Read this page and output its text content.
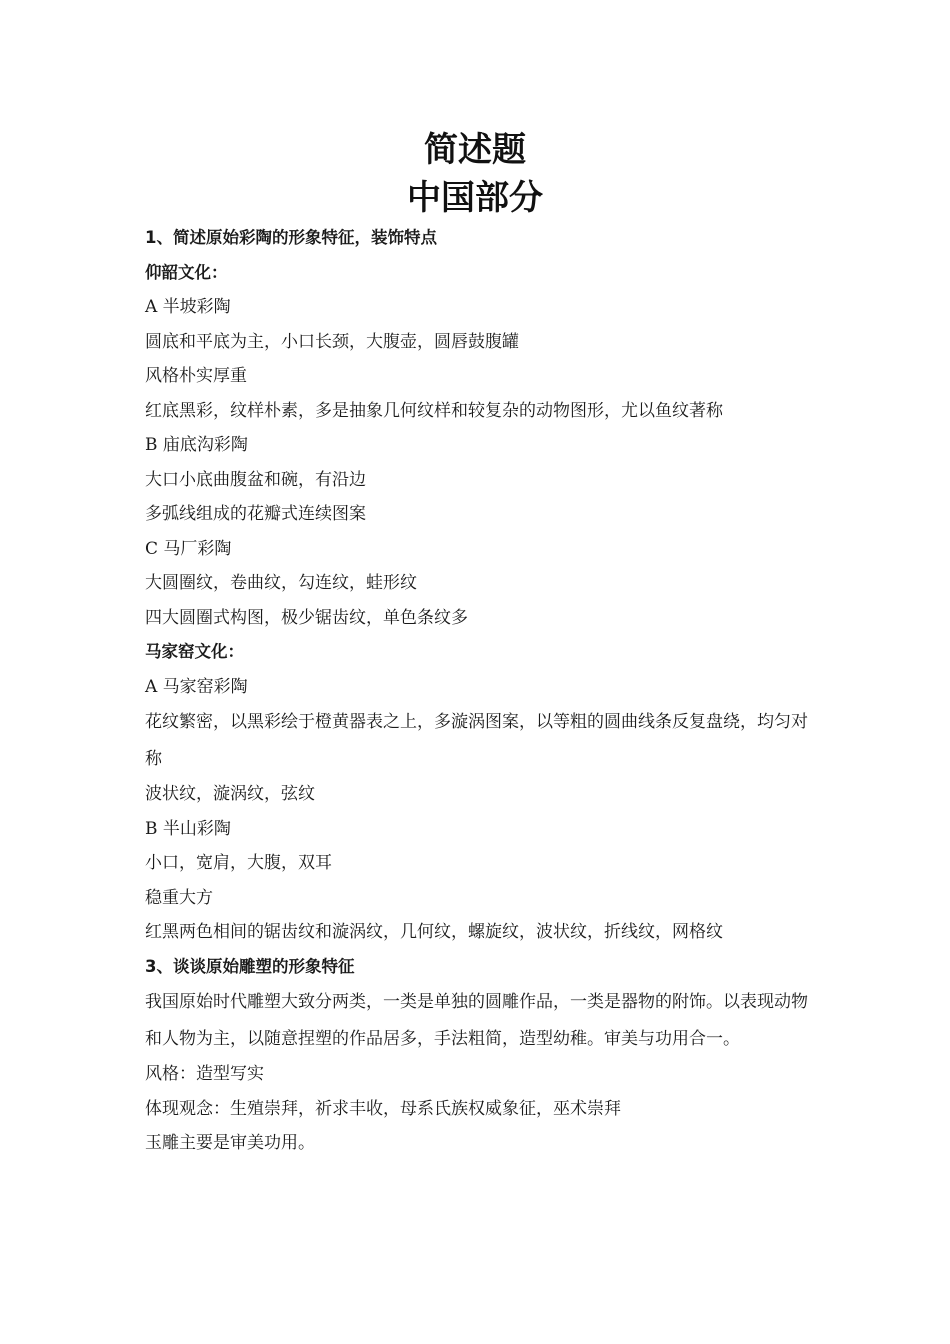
简述题
中国部分
1、简述原始彩陶的形象特征，装饰特点
仰韶文化：
A 半坡彩陶
圆底和平底为主，小口长颈，大腹壶，圆唇鼓腹罐
风格朴实厚重
红底黑彩，纹样朴素，多是抽象几何纹样和较复杂的动物图形，尤以鱼纹著称
B 庙底沟彩陶
大口小底曲腹盆和碗，有沿边
多弧线组成的花瓣式连续图案
C 马厂彩陶
大圆圈纹，卷曲纹，勾连纹，蛙形纹
四大圆圈式构图，极少锯齿纹，单色条纹多
马家窑文化：
A 马家窑彩陶
花纹繁密，以黑彩绘于橙黄器表之上，多漩涡图案，以等粗的圆曲线条反复盘绕，均匀对称
波状纹，漩涡纹，弦纹
B 半山彩陶
小口，宽肩，大腹，双耳
稳重大方
红黑两色相间的锯齿纹和漩涡纹，几何纹，螺旋纹，波状纹，折线纹，网格纹
3、谈谈原始雕塑的形象特征
我国原始时代雕塑大致分两类，一类是单独的圆雕作品，一类是器物的附饰。以表现动物和人物为主，以随意捏塑的作品居多，手法粗简，造型幼稚。审美与功用合一。
风格：造型写实
体现观念：生殖崇拜，祈求丰收，母系氏族权威象征，巫术崇拜
玉雕主要是审美功用。
